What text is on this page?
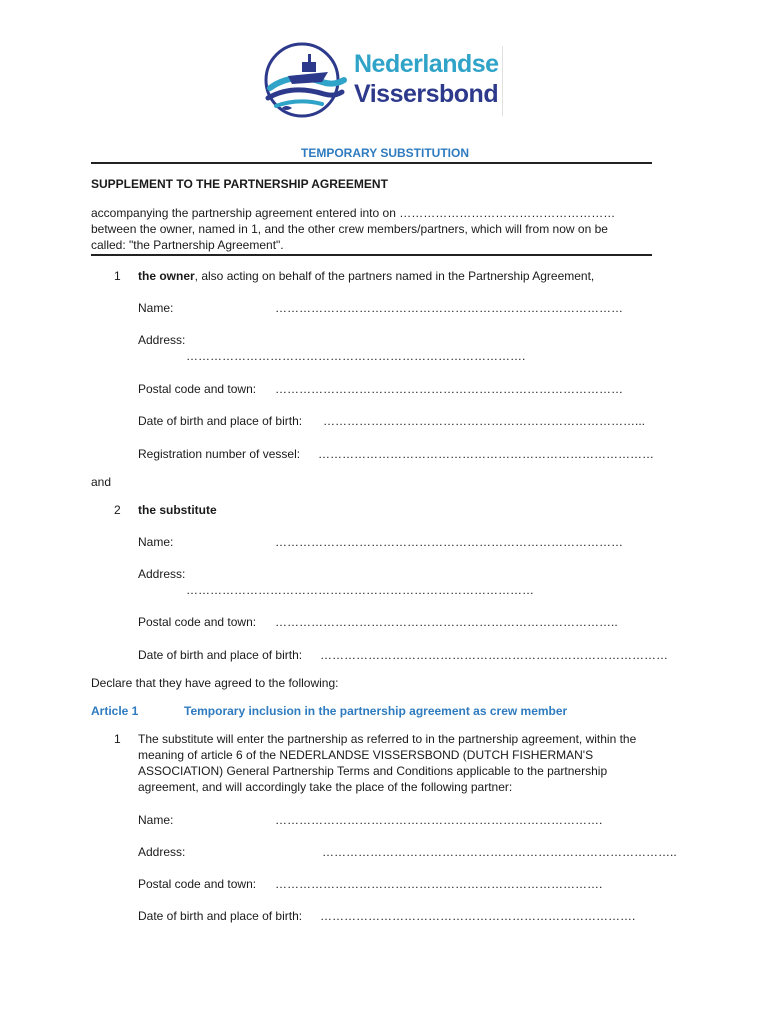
Nederlandse
Vissersbond
TEMPORARY SUBSTITUTION
SUPPLEMENT TO THE PARTNERSHIP AGREEMENT
accompanying the partnership agreement entered into on ………………………………………………
between the owner, named in 1, and the other crew members/partners, which will from now on be
called: "the Partnership Agreement".
1 the owner, also acting on behalf of the partners named in the Partnership Agreement,
Name:	……………………………………………………………………………
Address:
………………………………………………………………………….
Postal code and town: ……………………………………………………………………………
Date of birth and place of birth: ……………………………………………………………………...
Registration number of vessel: …………………………………………………………………………
and
2 the substitute
Name:	……………………………………………………………………………
Address:
……………………………………………………………………………
Postal code and town: …………………………………………………………………………..
Date of birth and place of birth: ……………………………………………………………………………
Declare that they have agreed to the following:
Article 1	Temporary inclusion in the partnership agreement as crew member
1 The substitute will enter the partnership as referred to in the partnership agreement, within the
meaning of article 6 of the NEDERLANDSE VISSERSBOND (DUTCH FISHERMAN'S
ASSOCIATION) General Partnership Terms and Conditions applicable to the partnership
agreement, and will accordingly take the place of the following partner:
Name:	……………………………………………………………………….
Address:	……………………………………………………………………………..
Postal code and town: ……………………………………………………………………….
Date of birth and place of birth: …………………………………………………………………….
